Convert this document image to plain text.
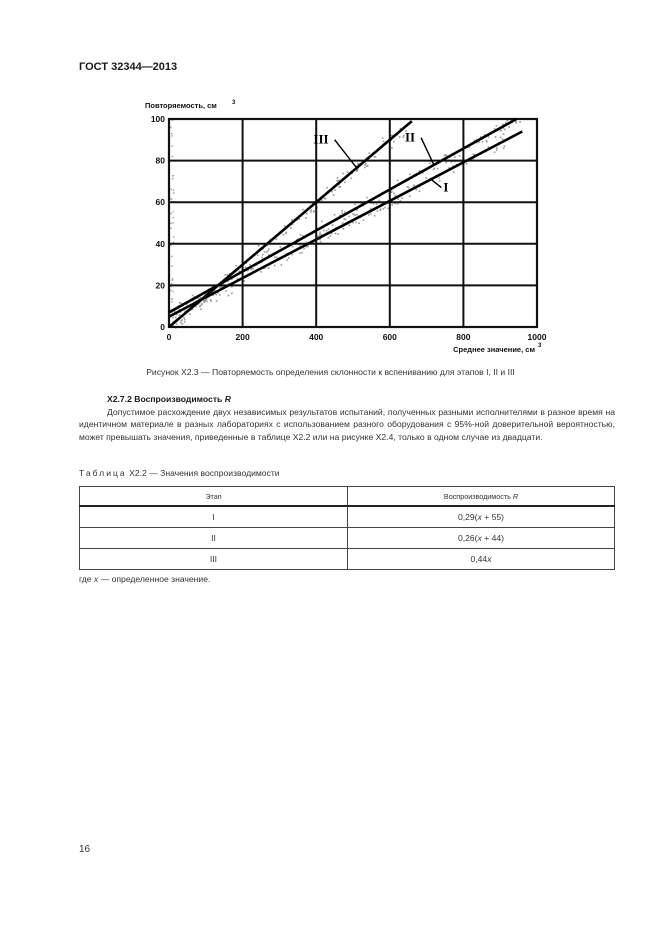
ГОСТ 32344—2013
0	200	400	600	800	1000
0
20
40
60
80
100
Повторяемость, см	3
Среднее значение, см 3
I
II
III
Рисунок Х2.3 — Повторяемость определения склонности к вспениванию для этапов I, II и III
Х2.7.2 Воспроизводимость R
Допустимое расхождение двух независимых результатов испытаний, полученных разными исполнителями в разное время на идентичном материале в разных лабораториях с использованием разного оборудования с 95%-ной доверительной вероятностью, может превышать значения, приведенные в таблице Х2.2 или на рисунке Х2.4, только в одном случае из двадцати.
Таблица Х2.2 — Значения воспроизводимости
Этап	Воспроизводимость R
I	0,29(x + 55)
II	0,26(x + 44)
III	0,44x
где x — определенное значение.
16
